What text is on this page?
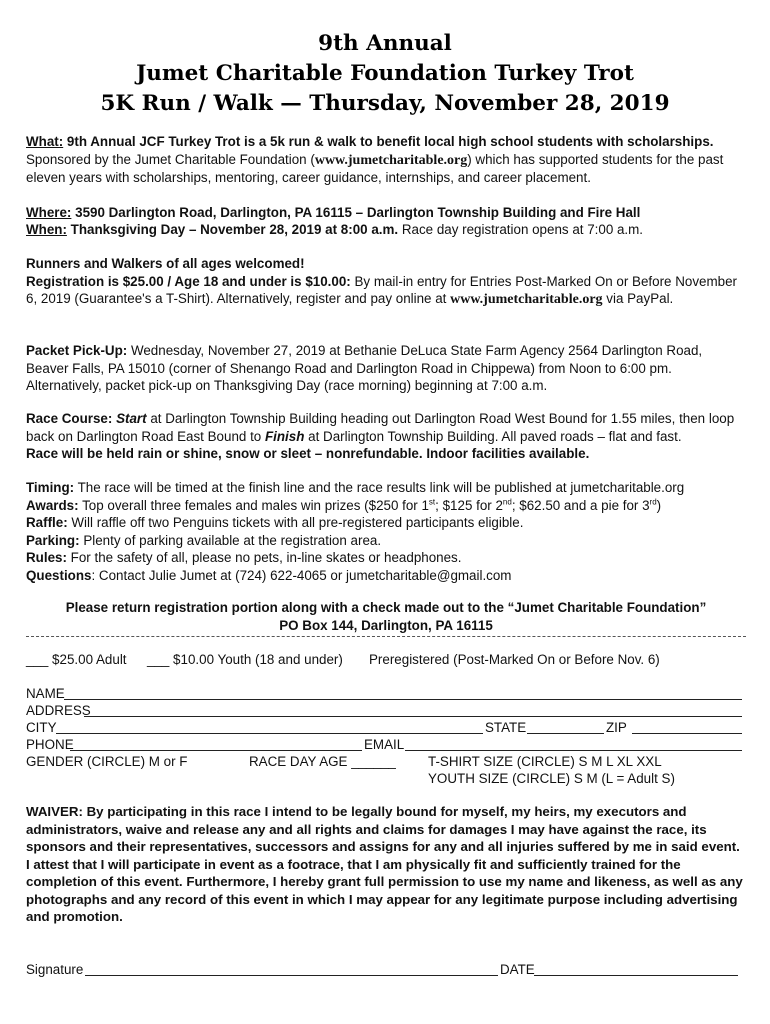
9th Annual
Jumet Charitable Foundation Turkey Trot
5K Run / Walk — Thursday, November 28, 2019
What: 9th Annual JCF Turkey Trot is a 5k run & walk to benefit local high school students with scholarships. Sponsored by the Jumet Charitable Foundation (www.jumetcharitable.org) which has supported students for the past eleven years with scholarships, mentoring, career guidance, internships, and career placement.
Where: 3590 Darlington Road, Darlington, PA 16115 – Darlington Township Building and Fire Hall
When: Thanksgiving Day – November 28, 2019 at 8:00 a.m. Race day registration opens at 7:00 a.m.
Runners and Walkers of all ages welcomed!
Registration is $25.00 / Age 18 and under is $10.00: By mail-in entry for Entries Post-Marked On or Before November 6, 2019 (Guarantee's a T-Shirt). Alternatively, register and pay online at www.jumetcharitable.org via PayPal.
Packet Pick-Up: Wednesday, November 27, 2019 at Bethanie DeLuca State Farm Agency 2564 Darlington Road, Beaver Falls, PA 15010 (corner of Shenango Road and Darlington Road in Chippewa) from Noon to 6:00 pm. Alternatively, packet pick-up on Thanksgiving Day (race morning) beginning at 7:00 a.m.
Race Course: Start at Darlington Township Building heading out Darlington Road West Bound for 1.55 miles, then loop back on Darlington Road East Bound to Finish at Darlington Township Building. All paved roads – flat and fast.
Race will be held rain or shine, snow or sleet – nonrefundable. Indoor facilities available.
Timing: The race will be timed at the finish line and the race results link will be published at jumetcharitable.org
Awards: Top overall three females and males win prizes ($250 for 1st; $125 for 2nd; $62.50 and a pie for 3rd)
Raffle: Will raffle off two Penguins tickets with all pre-registered participants eligible.
Parking: Plenty of parking available at the registration area.
Rules: For the safety of all, please no pets, in-line skates or headphones.
Questions: Contact Julie Jumet at (724) 622-4065 or jumetcharitable@gmail.com
Please return registration portion along with a check made out to the “Jumet Charitable Foundation”
PO Box 144, Darlington, PA 16115
___ $25.00 Adult ___ $10.00 Youth (18 and under) Preregistered (Post-Marked On or Before Nov. 6)
NAME
ADDRESS
CITY	STATE	ZIP
PHONE	EMAIL
GENDER (CIRCLE) M or F	RACE DAY AGE ______ T-SHIRT SIZE (CIRCLE) S M L XL XXL
YOUTH SIZE (CIRCLE) S M (L = Adult S)
WAIVER: By participating in this race I intend to be legally bound for myself, my heirs, my executors and administrators, waive and release any and all rights and claims for damages I may have against the race, its sponsors and their representatives, successors and assigns for any and all injuries suffered by me in said event. I attest that I will participate in event as a footrace, that I am physically fit and sufficiently trained for the completion of this event. Furthermore, I hereby grant full permission to use my name and likeness, as well as any photographs and any record of this event in which I may appear for any legitimate purpose including advertising and promotion.
Signature	DATE
